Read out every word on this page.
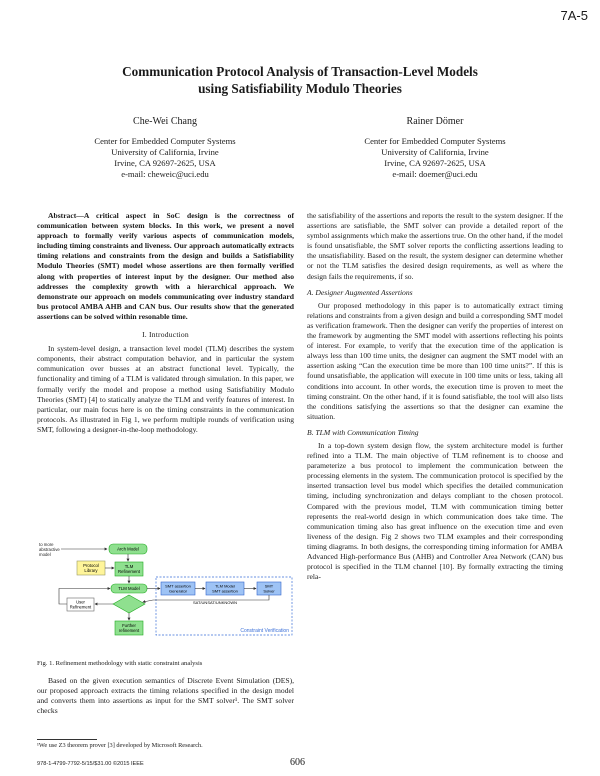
7A-5
Communication Protocol Analysis of Transaction-Level Models
using Satisfiability Modulo Theories
Che-Wei Chang
Center for Embedded Computer Systems
University of California, Irvine
Irvine, CA 92697-2625, USA
e-mail: cheweic@uci.edu
Rainer Dömer
Center for Embedded Computer Systems
University of California, Irvine
Irvine, CA 92697-2625, USA
e-mail: doemer@uci.edu

Abstract—A critical aspect in SoC design is the correctness of communication between system blocks. In this work, we present a novel approach to formally verify various aspects of communication models, including timing constraints and liveness. Our approach automatically extracts timing relations and constraints from the design and builds a Satisfiability Modulo Theories (SMT) model whose assertions are then formally verified along with properties of interest input by the designer. Our method also addresses the complexity growth with a hierarchical approach. We demonstrate our approach on models communicating over industry standard bus protocol AMBA AHB and CAN bus. Our results show that the generated assertions can be solved within resonable time.

I. Introduction

In system-level design, a transaction level model (TLM) describes the system components, their abstract computation behavior, and in particular the system communication over busses at an abstract functional level. Typically, the functionality and timing of a TLM is validated through simulation. In this paper, we formally verify the model and propose a method using Satisfiability Modulo Theories (SMT) [4] to statically analyze the TLM and verify features of interest. In particular, our main focus here is on the timing constraints in the communication protocols. As illustrated in Fig 1, we perform multiple rounds of verification using SMT, following a designer-in-the-loop methodology.

to more
abstractive
model
Arch Model
Protocol
Library
TLM
Refinement
TLM Model	SMT assertion
Generator
TLM Model
SMT assertion
SMT
Solver
SAT/UNSAT/UNKNOWN
User
Refinement
Further
refinement	Constraint Verification
Fig. 1. Refinement methodology with static constraint analysis

Based on the given execution semantics of Discrete Event Simulation (DES), our proposed approach extracts the timing relations specified in the design model and converts them into assertions as input for the SMT solver¹. The SMT solver checks

¹We use Z3 theorem prover [3] developed by Microsoft Research.
978-1-4799-7792-5/15/$31.00 ©2015 IEEE	606

the satisfiability of the assertions and reports the result to the system designer. If the assertions are satisfiable, the SMT solver can provide a detailed report of the symbol assignments which make the assertions true. On the other hand, if the model is found unsatisfiable, the SMT solver reports the conflicting assertions leading to the unsatisfiability. Based on the result, the system designer can determine whether or not the TLM satisfies the desired design requirements, as well as where the design fails the requirements, if so.

A. Designer Augmented Assertions

Our proposed methodology in this paper is to automatically extract timing relations and constraints from a given design and build a corresponding SMT model as verification framework. Then the designer can verify the properties of interest on the framework by augmenting the SMT model with assertions reflecting his points of interest. For example, to verify that the execution time of the application is always less than 100 time units, the designer can augment the SMT model with an assertion asking “Can the execution time be more than 100 time units?”. If this is found unsatisfiable, the application will execute in 100 time units or less, taking all conditions into account. In other words, the execution time is proven to meet the timing constraint. On the other hand, if it is found satisfiable, the tool will also lists the conditions satisfying the assertions so that the designer can examine the situation.

B. TLM with Communication Timing

In a top-down system design flow, the system architecture model is further refined into a TLM. The main objective of TLM refinement is to choose and parameterize a bus protocol to implement the communication between the processing elements in the system. The communication protocol is specified by the inserted transaction level bus model which specifies the detailed communication timing, including synchronization and delays compliant to the chosen protocol. Compared with the previous model, TLM with communication timing better represents the real-world design in which communication does take time. The communication timing also has great influence on the execution time and even liveness of the design. Fig 2 shows two TLM examples and their corresponding timing diagrams. In both designs, the corresponding timing information for AMBA Advanced High-performance Bus (AHB) and Controller Area Network (CAN) bus protocol is specified in the TLM channel [10]. By formally extracting the timing rela-
